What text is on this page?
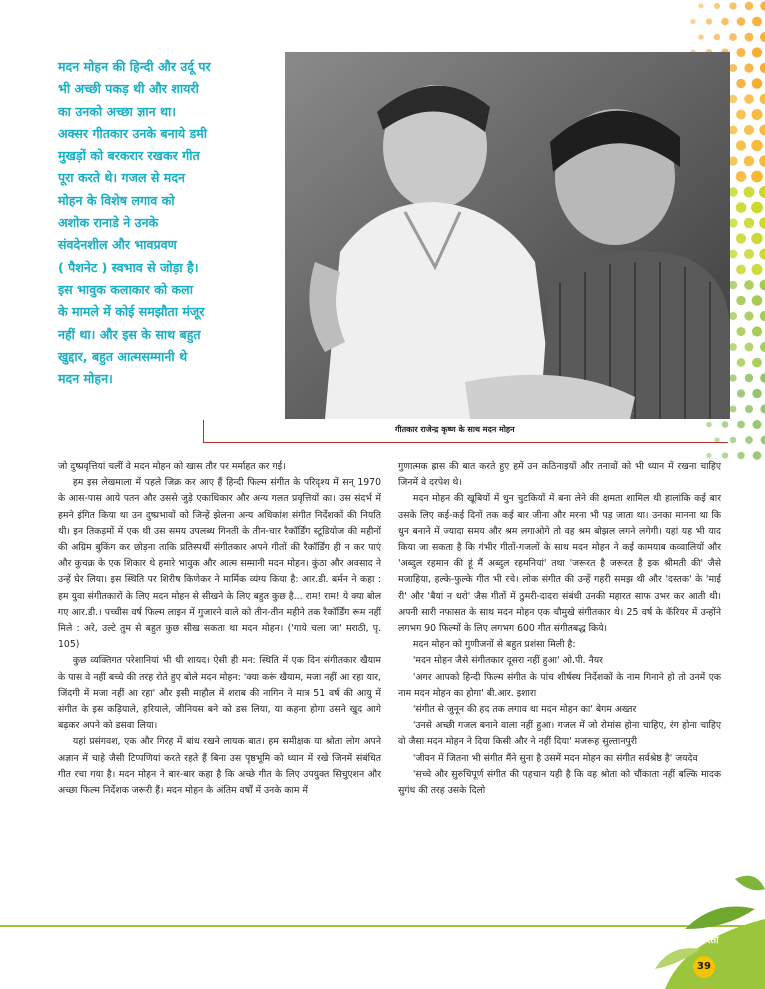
मदन मोहन की हिन्दी और उर्दू पर
भी अच्छी पकड़ थी और शायरी
का उनको अच्छा ज्ञान था।
अक्सर गीतकार उनके बनाये डमी
मुखड़ों को बरकरार रखकर गीत
पूरा करते थे। गजल से मदन
मोहन के विशेष लगाव को
अशोक रानाडे ने उनके
संवदेनशील और भावप्रवण
( पैशनेट ) स्वभाव से जोड़ा है।
इस भावुक कलाकार को कला
के मामले में कोई समझौता मंजूर
नहीं था। और इस के साथ बहुत
खुद्दार, बहुत आत्मसम्मानी थे
मदन मोहन।
गीतकार राजेन्द्र कृष्ण के साथ मदन मोहन

जो दुष्प्रवृत्तियां चलीं वे मदन मोहन को खास तौर पर मर्माहत कर गई।

हम इस लेखमाला में पहले जिक्र कर आए हैं हिन्दी फिल्म संगीत के परिदृश्य में सन् 1970 के आस-पास आये पतन और उससे जुड़े एकाधिकार और अन्य गलत प्रवृत्तियों का। उस संदर्भ में हमने इंगित किया था उन दुष्प्रभावों को जिन्हें झेलना अन्य अधिकांश संगीत निर्देशकों की नियति थी। इन तिकड़मों में एक थी उस समय उपलब्ध गिनती के तीन-चार रैकॉर्डिंग स्टूडियोज की महीनों की अग्रिम बुकिंग कर छोड़ना ताकि प्रतिस्पर्धी संगीतकार अपने गीतों की रैकॉर्डिंग ही न कर पाएं और कुचक्र के एक शिकार थे हमारे भावुक और आत्म सम्मानी मदन मोहन। कुंठा और अवसाद ने उन्हें घेर लिया। इस स्थिति पर शिरीष किणेकर ने मार्मिक व्यंग्य किया है: आर.डी. बर्मन ने कहा : हम युवा संगीतकारों के लिए मदन मोहन से सीखने के लिए बहुत कुछ है... राम! राम! ये क्या बोल गए आर.डी.। पच्चीस वर्ष फिल्म लाइन में गुजारने वाले को तीन-तीन महीने तक रैकॉर्डिंग रूम नहीं मिले : अरे, उल्टे तुम से बहुत कुछ सीख सकता था मदन मोहन। ('गाये चला जा' मराठी, पृ. 105)

कुछ व्यक्तिगत परेशानियां भी थी शायद। ऐसी ही मन: स्थिति में एक दिन संगीतकार खैयाम के पास वे नहीं बच्चे की तरह रोते हुए बोले मदन मोहन: 'क्या करूं खैयाम, मजा नहीं आ रहा यार, जिंदगी में मजा नहीं आ रहा' और इसी माहौल में शराब की नागिन ने मात्र 51 वर्ष की आयु में संगीत के इस कड़ियाले, हरियाले, जीनियस बने को डस लिया, या कहना होगा उसने खुद आगे बढ़कर अपने को डसवा लिया।

यहां प्रसंगवश, एक और गिरह में बांध रखने लायक बात। हम समीक्षक या श्रोता लोग अपने अज्ञान में चाहे जैसी टिप्पणियां करते रहते हैं बिना उस पृष्ठभूमि को ध्यान में रखे जिनमें संबंधित गीत रचा गया है। मदन मोहन ने बार-बार कहा है कि अच्छे गीत के लिए उपयुक्त सिचुएशन और अच्छा फिल्म निर्देशक जरूरी हैं। मदन मोहन के अंतिम वर्षों में उनके काम में

गुणात्मक ह्रास की बात करते हुए हमें उन कठिनाइयों और तनावों को भी ध्यान में रखना चाहिए जिनमें वे दरपेश थे।

मदन मोहन की खूबियों में धुन चुटकियों में बना लेने की क्षमता शामिल थी हालांकि कई बार उसके लिए कई-कई दिनों तक कई बार जीना और मरना भी पड़ जाता था। उनका मानना था कि धुन बनाने में ज्यादा समय और श्रम लगाओगे तो वह श्रम बोझल लगने लगेगी। यहां यह भी याद किया जा सकता है कि गंभीर गीतों-गजलों के साथ मदन मोहन ने कई कामयाब कव्वालियों और 'अब्दुल रहमान की हूं मैं अब्दुल रहमनियां' तथा 'जरूरत है जरूरत है इक श्रीमती की' जैसे मजाहिया, हल्के-फुल्के गीत भी रचे। लोक संगीत की उन्हें गहरी समझ थी और 'दस्तक' के 'माई री' और 'बैयां न धरो' जैस गीतों में ठुमरी-दादरा संबंधी उनकी महारत साफ उभर कर आती थी। अपनी सारी नफासत के साथ मदन मोहन एक चौमुखे संगीतकार थे। 25 वर्ष के कॅरियर में उन्होंने लगभग 90 फिल्मों के लिए लगभग 600 गीत संगीतबद्ध किये।

मदन मोहन को गुणीजनों से बहुत प्रशंसा मिली है:

'मदन मोहन जैसे संगीतकार दूसरा नहीं हुआ' ओ.पी. नैयर

'अगर आपको हिन्दी फिल्म संगीत के पांच शीर्षस्थ निर्देशकों के नाम गिनाने हो तो उनमें एक नाम मदन मोहन का होगा' बी.आर. इशारा

'संगीत से जुनून की हद तक लगाव था मदन मोहन का' बेगम अख्तर

'उनसे अच्छी गजल बनाने वाला नहीं हुआ। गजल में जो रोमांस होना चाहिए, रंग होना चाहिए वो जैसा मदन मोहन ने दिया किसी और ने नहीं दिया' मजरूह सुल्तानपुरी

'जीवन में जितना भी संगीत मैंने सुना है उसमें मदन मोहन का संगीत सर्वश्रेष्ठ है' जयदेव

'सच्चे और सुरुचिपूर्ण संगीत की पहचान यही है कि वह श्रोता को चौंकाता नहीं बल्कि मादक सुगंध की तरह उसके दिलो

स्वर सरिता
39
